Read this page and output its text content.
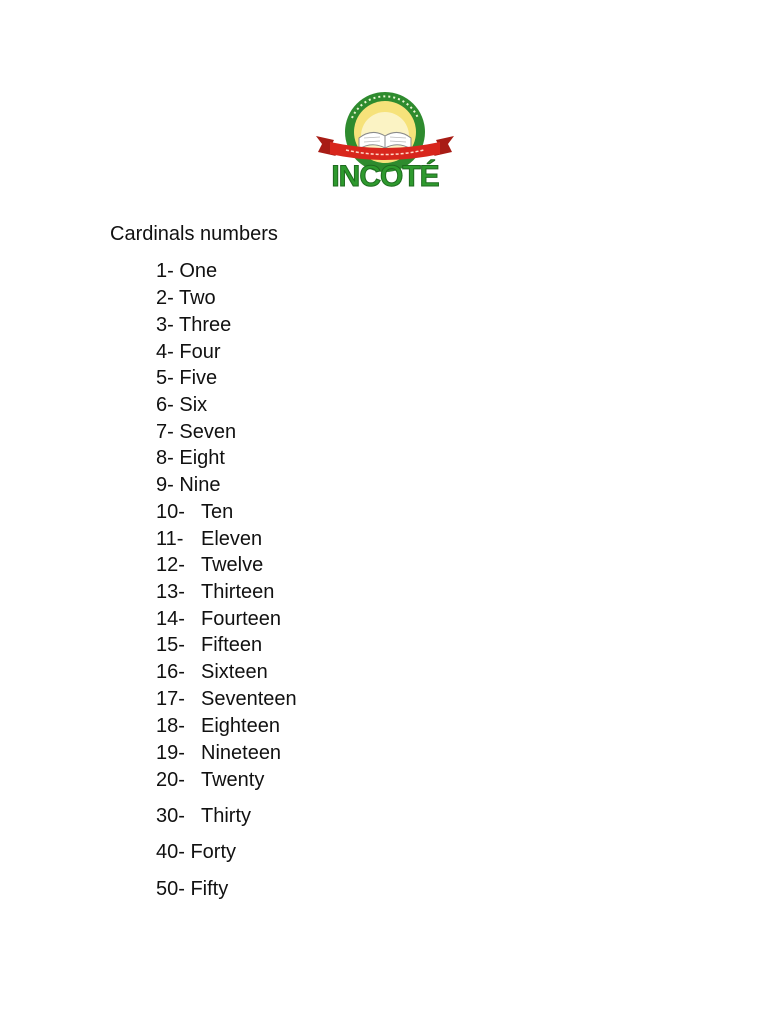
INCOTÉ
Cardinals numbers
1- One
2- Two
3- Three
4- Four
5- Five
6- Six
7- Seven
8- Eight
9- Nine
10- Ten
11- Eleven
12- Twelve
13- Thirteen
14- Fourteen
15- Fifteen
16- Sixteen
17- Seventeen
18- Eighteen
19- Nineteen
20- Twenty
30- Thirty
40- Forty
50- Fifty
